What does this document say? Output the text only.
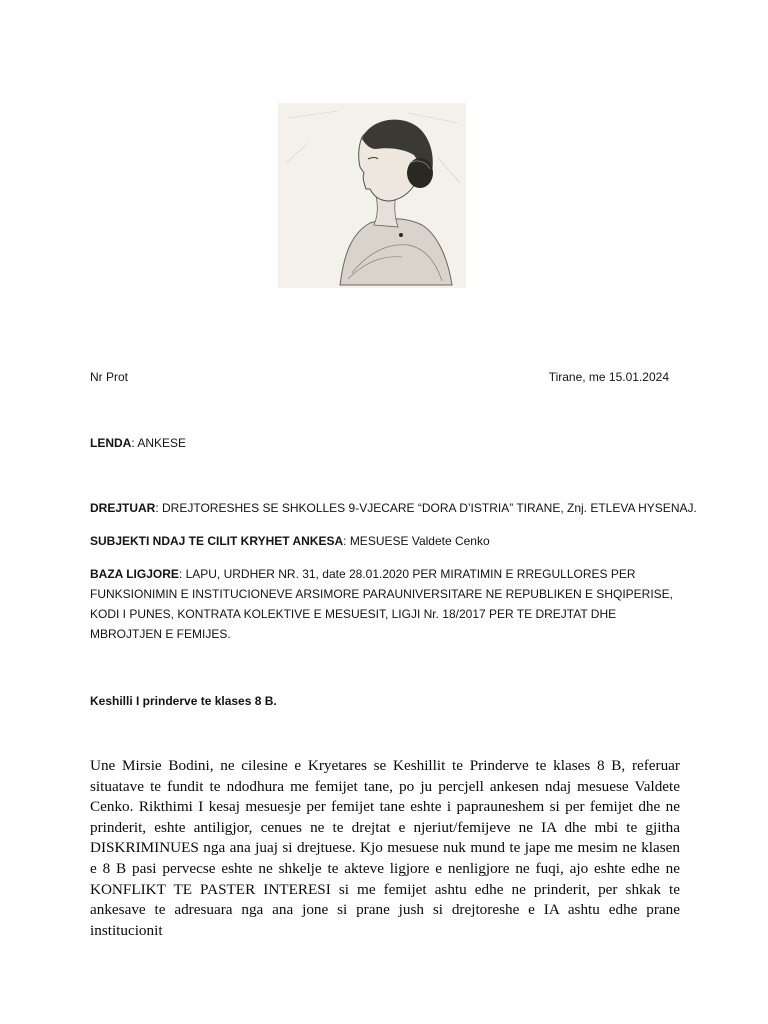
Nr Prot	Tirane, me 15.01.2024
LENDA: ANKESE
DREJTUAR: DREJTORESHES SE SHKOLLES 9-VJECARE “DORA D’ISTRIA” TIRANE, Znj. ETLEVA HYSENAJ.
SUBJEKTI NDAJ TE CILIT KRYHET ANKESA: MESUESE Valdete Cenko
BAZA LIGJORE: LAPU, URDHER NR. 31, date 28.01.2020 PER MIRATIMIN E RREGULLORES PER FUNKSIONIMIN E INSTITUCIONEVE ARSIMORE PARAUNIVERSITARE NE REPUBLIKEN E SHQIPERISE, KODI I PUNES, KONTRATA KOLEKTIVE E MESUESIT, LIGJI Nr. 18/2017 PER TE DREJTAT DHE MBROJTJEN E FEMIJES.
Keshilli I prinderve te klases 8 B.

Une Mirsie Bodini, ne cilesine e Kryetares se Keshillit te Prinderve te klases 8 B, referuar situatave te fundit te ndodhura me femijet tane, po ju percjell ankesen ndaj mesuese Valdete Cenko. Rikthimi I kesaj mesuesje per femijet tane eshte i paprauneshem si per femijet dhe ne prinderit, eshte antiligjor, cenues ne te drejtat e njeriut/femijeve ne IA dhe mbi te gjitha DISKRIMINUES nga ana juaj si drejtuese. Kjo mesuese nuk mund te jape me mesim ne klasen e 8 B pasi pervecse eshte ne shkelje te akteve ligjore e nenligjore ne fuqi, ajo eshte edhe ne KONFLIKT TE PASTER INTERESI si me femijet ashtu edhe ne prinderit, per shkak te ankesave te adresuara nga ana jone si prane jush si drejtoreshe e IA ashtu edhe prane institucionit
